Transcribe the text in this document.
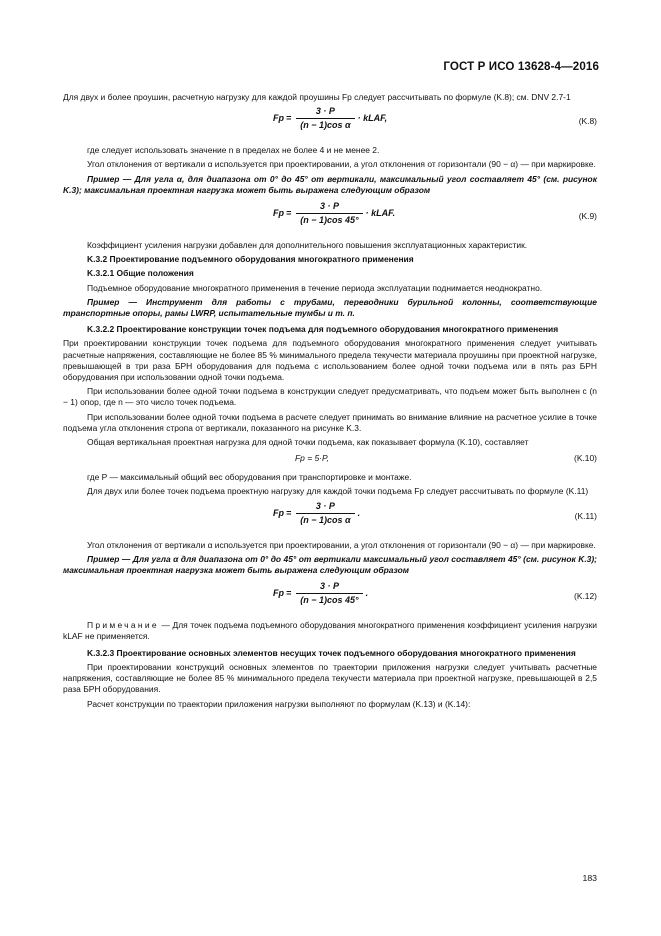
ГОСТ Р ИСО 13628-4—2016

Для двух и более проушин, расчетную нагрузку для каждой проушины Fp следует рассчитывать по формуле (K.8); см. DNV 2.7-1

$Fp = \frac{3 \cdot P}{\text{(n − 1)cos α}}$ · kLAF,	(K.8)

где следует использовать значение n в пределах не более 4 и не менее 2.

Угол отклонения от вертикали α используется при проектировании, а угол отклонения от горизонтали (90 − α) — при маркировке.

Пример — Для угла α, для диапазона от 0° до 45° от вертикали, максимальный угол составляет 45° (см. рисунок K.3); максимальная проектная нагрузка может быть выражена следующим образом

$Fp = \frac{3 \cdot P}{(n - 1)\cos 45^\circ}$ · kLAF.	(K.9)

Коэффициент усиления нагрузки добавлен для дополнительного повышения эксплуатационных характеристик.

K.3.2 Проектирование подъемного оборудования многократного применения

K.3.2.1 Общие положения

Подъемное оборудование многократного применения в течение периода эксплуатации поднимается неоднократно.

Пример — Инструмент для работы с трубами, переводники бурильной колонны, соответствующие транспортные опоры, рамы LWRP, испытательные тумбы и т. п.

K.3.2.2 Проектирование конструкции точек подъема для подъемного оборудования многократного применения

При проектировании конструкции точек подъема для подъемного оборудования многократного применения следует учитывать расчетные напряжения, составляющие не более 85 % минимального предела текучести материала проушины при проектной нагрузке, превышающей в три раза БРН оборудования для подъема с использованием более одной точки подъема или в пять раз БРН оборудования при использовании одной точки подъема.

При использовании более одной точки подъема в конструкции следует предусматривать, что подъем может быть выполнен с (n − 1) опор, где n — это число точек подъема.

При использовании более одной точки подъема в расчете следует принимать во внимание влияние на расчетное усилие в точке подъема угла отклонения стропа от вертикали, показанного на рисунке K.3.

Общая вертикальная проектная нагрузка для одной точки подъема, как показывает формула (K.10), составляет

Fp = 5·P,	(K.10)

где P — максимальный общий вес оборудования при транспортировке и монтаже.

Для двух или более точек подъема проектную нагрузку для каждой точки подъема Fp следует рассчитывать по формуле (K.11)

$Fp = \frac{3 \cdot P}{\text{(n − 1)cos α}}$ .	(K.11)

Угол отклонения от вертикали α используется при проектировании, а угол отклонения от горизонтали (90 − α) — при маркировке.

Пример — Для угла α для диапазона от 0° до 45° от вертикали максимальный угол составляет 45° (см. рисунок K.3); максимальная проектная нагрузка может быть выражена следующим образом

$Fp = \frac{3 \cdot P}{(n - 1)\cos 45^\circ}$ .	(K.12)

Примечание — Для точек подъема подъемного оборудования многократного применения коэффициент усиления нагрузки kLAF не применяется.

K.3.2.3 Проектирование основных элементов несущих точек подъемного оборудования многократного применения

При проектировании конструкций основных элементов по траектории приложения нагрузки следует учитывать расчетные напряжения, составляющие не более 85 % минимального предела текучести материала при проектной нагрузке, превышающей в 2,5 раза БРН оборудования.

Расчет конструкции по траектории приложения нагрузки выполняют по формулам (K.13) и (K.14):

183
